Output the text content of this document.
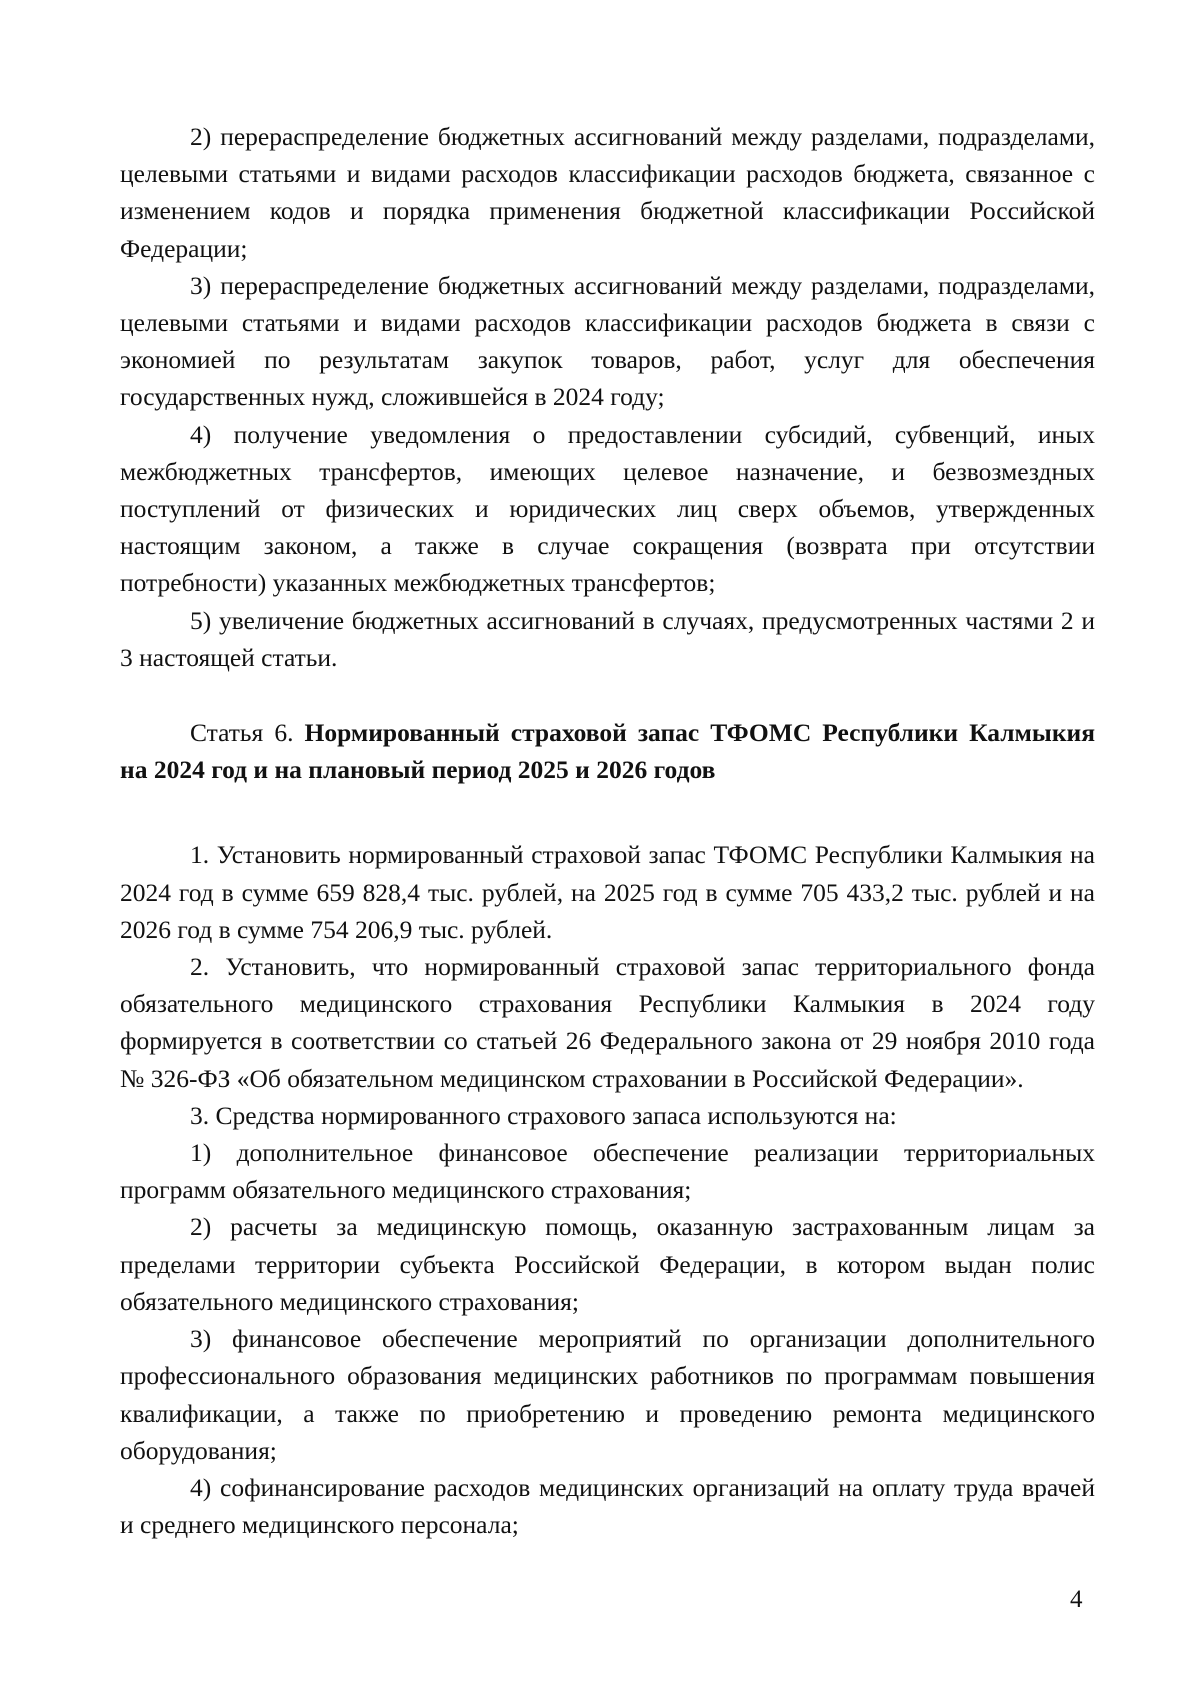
2) перераспределение бюджетных ассигнований между разделами, подразделами, целевыми статьями и видами расходов классификации расходов бюджета, связанное с изменением кодов и порядка применения бюджетной классификации Российской Федерации;

3) перераспределение бюджетных ассигнований между разделами, подразделами, целевыми статьями и видами расходов классификации расходов бюджета в связи с экономией по результатам закупок товаров, работ, услуг для обеспечения государственных нужд, сложившейся в 2024 году;

4) получение уведомления о предоставлении субсидий, субвенций, иных межбюджетных трансфертов, имеющих целевое назначение, и безвозмездных поступлений от физических и юридических лиц сверх объемов, утвержденных настоящим законом, а также в случае сокращения (возврата при отсутствии потребности) указанных межбюджетных трансфертов;

5) увеличение бюджетных ассигнований в случаях, предусмотренных частями 2 и 3 настоящей статьи.

Статья 6. Нормированный страховой запас ТФОМС Республики Калмыкия на 2024 год и на плановый период 2025 и 2026 годов

1. Установить нормированный страховой запас ТФОМС Республики Калмыкия на 2024 год в сумме 659 828,4 тыс. рублей, на 2025 год в сумме 705 433,2 тыс. рублей и на 2026 год в сумме 754 206,9 тыс. рублей.

2. Установить, что нормированный страховой запас территориального фонда обязательного медицинского страхования Республики Калмыкия в 2024 году формируется в соответствии со статьей 26 Федерального закона от 29 ноября 2010 года № 326-ФЗ «Об обязательном медицинском страховании в Российской Федерации».

3. Средства нормированного страхового запаса используются на:

1) дополнительное финансовое обеспечение реализации территориальных программ обязательного медицинского страхования;

2) расчеты за медицинскую помощь, оказанную застрахованным лицам за пределами территории субъекта Российской Федерации, в котором выдан полис обязательного медицинского страхования;

3) финансовое обеспечение мероприятий по организации дополнительного профессионального образования медицинских работников по программам повышения квалификации, а также по приобретению и проведению ремонта медицинского оборудования;

4) софинансирование расходов медицинских организаций на оплату труда врачей и среднего медицинского персонала;

4
